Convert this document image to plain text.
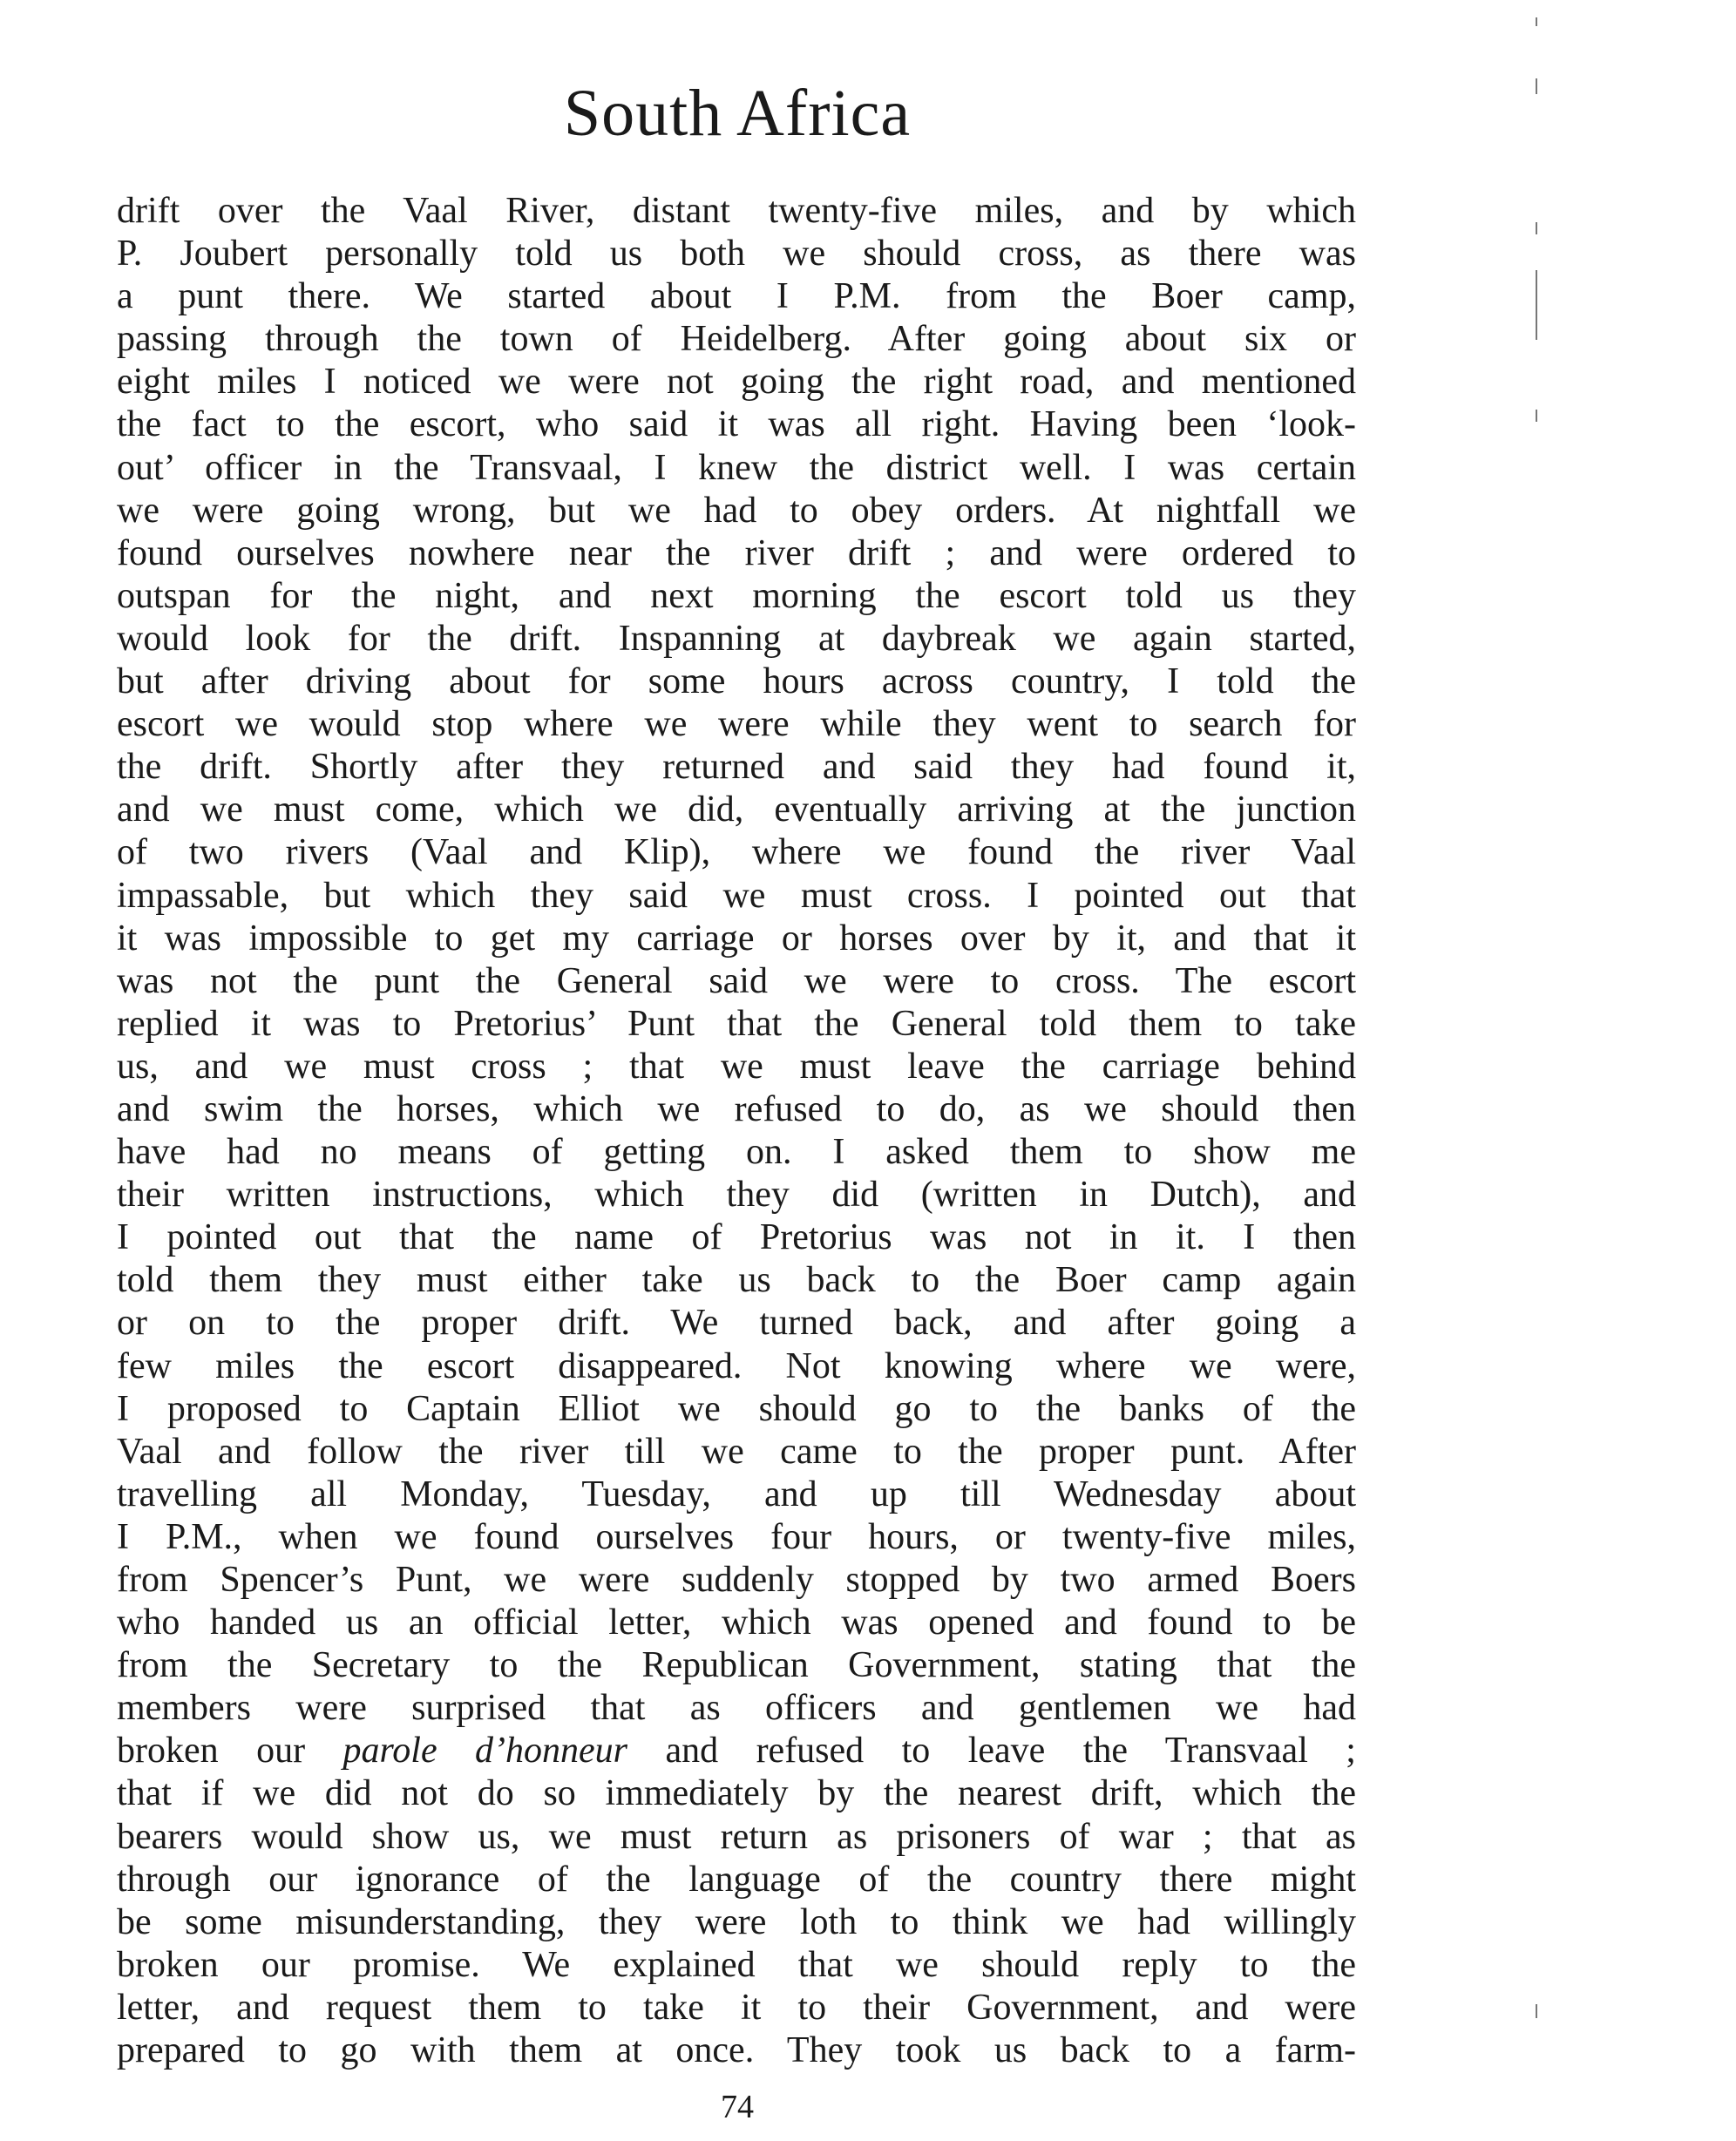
South Africa
drift over the Vaal River, distant twenty-five miles, and by which
P. Joubert personally told us both we should cross, as there was
a punt there. We started about I P.M. from the Boer camp,
passing through the town of Heidelberg. After going about six or
eight miles I noticed we were not going the right road, and mentioned
the fact to the escort, who said it was all right. Having been ‘look-
out’ officer in the Transvaal, I knew the district well. I was certain
we were going wrong, but we had to obey orders. At nightfall we
found ourselves nowhere near the river drift ; and were ordered to
outspan for the night, and next morning the escort told us they
would look for the drift. Inspanning at daybreak we again started,
but after driving about for some hours across country, I told the
escort we would stop where we were while they went to search for
the drift. Shortly after they returned and said they had found it,
and we must come, which we did, eventually arriving at the junction
of two rivers (Vaal and Klip), where we found the river Vaal
impassable, but which they said we must cross. I pointed out that
it was impossible to get my carriage or horses over by it, and that it
was not the punt the General said we were to cross. The escort
replied it was to Pretorius’ Punt that the General told them to take
us, and we must cross ; that we must leave the carriage behind
and swim the horses, which we refused to do, as we should then
have had no means of getting on. I asked them to show me
their written instructions, which they did (written in Dutch), and
I pointed out that the name of Pretorius was not in it. I then
told them they must either take us back to the Boer camp again
or on to the proper drift. We turned back, and after going a
few miles the escort disappeared. Not knowing where we were,
I proposed to Captain Elliot we should go to the banks of the
Vaal and follow the river till we came to the proper punt. After
travelling all Monday, Tuesday, and up till Wednesday about
I P.M., when we found ourselves four hours, or twenty-five miles,
from Spencer’s Punt, we were suddenly stopped by two armed Boers
who handed us an official letter, which was opened and found to be
from the Secretary to the Republican Government, stating that the
members were surprised that as officers and gentlemen we had
broken our parole d’honneur and refused to leave the Transvaal ;
that if we did not do so immediately by the nearest drift, which the
bearers would show us, we must return as prisoners of war ; that as
through our ignorance of the language of the country there might
be some misunderstanding, they were loth to think we had willingly
broken our promise. We explained that we should reply to the
letter, and request them to take it to their Government, and were
prepared to go with them at once. They took us back to a farm-
74
